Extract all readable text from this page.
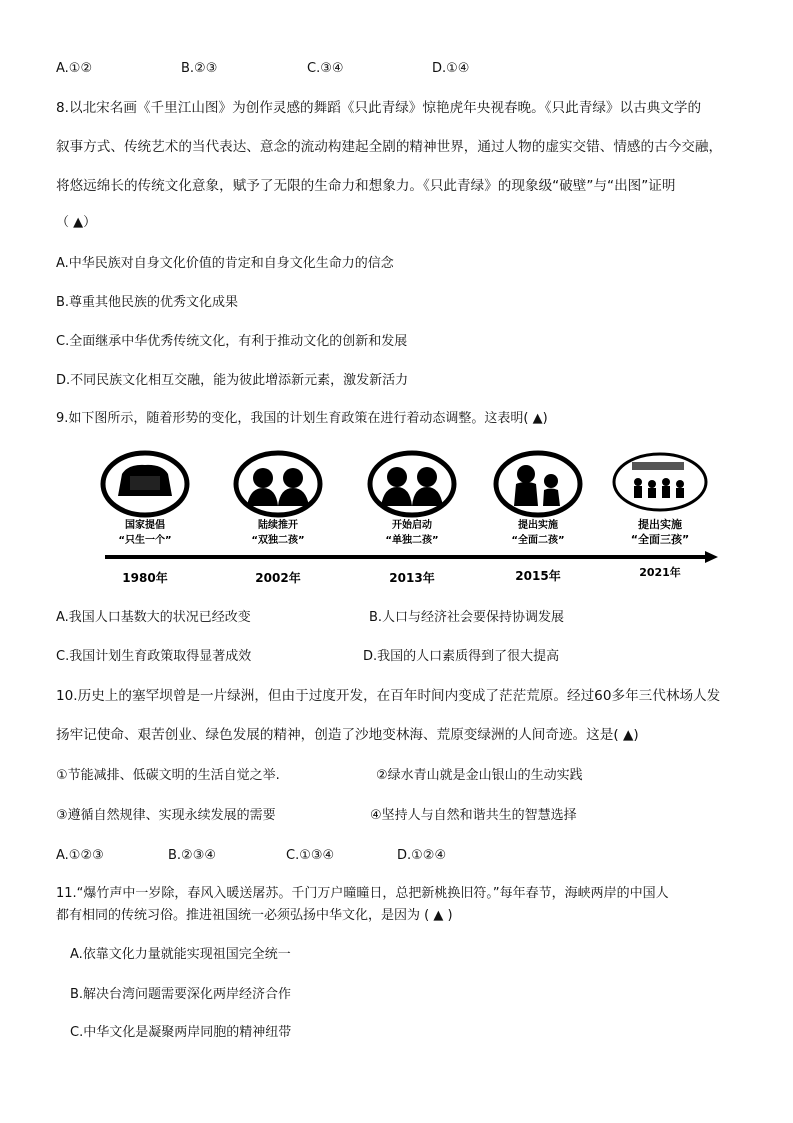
A.①②	B.②③	C.③④	D.①④
8.以北宋名画《千里江山图》为创作灵感的舞蹈《只此青绿》惊艳虎年央视春晚。《只此青绿》以古典文学的
叙事方式、传统艺术的当代表达、意念的流动构建起全剧的精神世界，通过人物的虚实交错、情感的古今交融，
将悠远绵长的传统文化意象，赋予了无限的生命力和想象力。《只此青绿》的现象级“破壁”与“出图”证明
（ ▲）
A.中华民族对自身文化价值的肯定和自身文化生命力的信念
B.尊重其他民族的优秀文化成果
C.全面继承中华优秀传统文化，有利于推动文化的创新和发展
D.不同民族文化相互交融，能为彼此增添新元素，激发新活力
9.如下图所示，随着形势的变化，我国的计划生育政策在进行着动态调整。这表明( ▲)
国家提倡
“只生一个”
陆续推开
“双独二孩”
开始启动
“单独二孩”
提出实施
“全面二孩”
提出实施
“全面三孩”
1980年	2002年	2013年	2015年	2021年
A.我国人口基数大的状况已经改变	B.人口与经济社会要保持协调发展
C.我国计划生育政策取得显著成效	D.我国的人口素质得到了很大提高
10.历史上的塞罕坝曾是一片绿洲，但由于过度开发，在百年时间内变成了茫茫荒原。经过60多年三代林场人发
扬牢记使命、艰苦创业、绿色发展的精神，创造了沙地变林海、荒原变绿洲的人间奇迹。这是( ▲)
①节能减排、低碳文明的生活自觉之举.	②绿水青山就是金山银山的生动实践
③遵循自然规律、实现永续发展的需要	④坚持人与自然和谐共生的智慧选择
A.①②③	B.②③④	C.①③④	D.①②④
11.“爆竹声中一岁除，春风入暖送屠苏。千门万户曈曈日，总把新桃换旧符。”每年春节，海峡两岸的中国人
都有相同的传统习俗。推进祖国统一必须弘扬中华文化，是因为 ( ▲ )
A.依靠文化力量就能实现祖国完全统一
B.解决台湾问题需要深化两岸经济合作
C.中华文化是凝聚两岸同胞的精神纽带
